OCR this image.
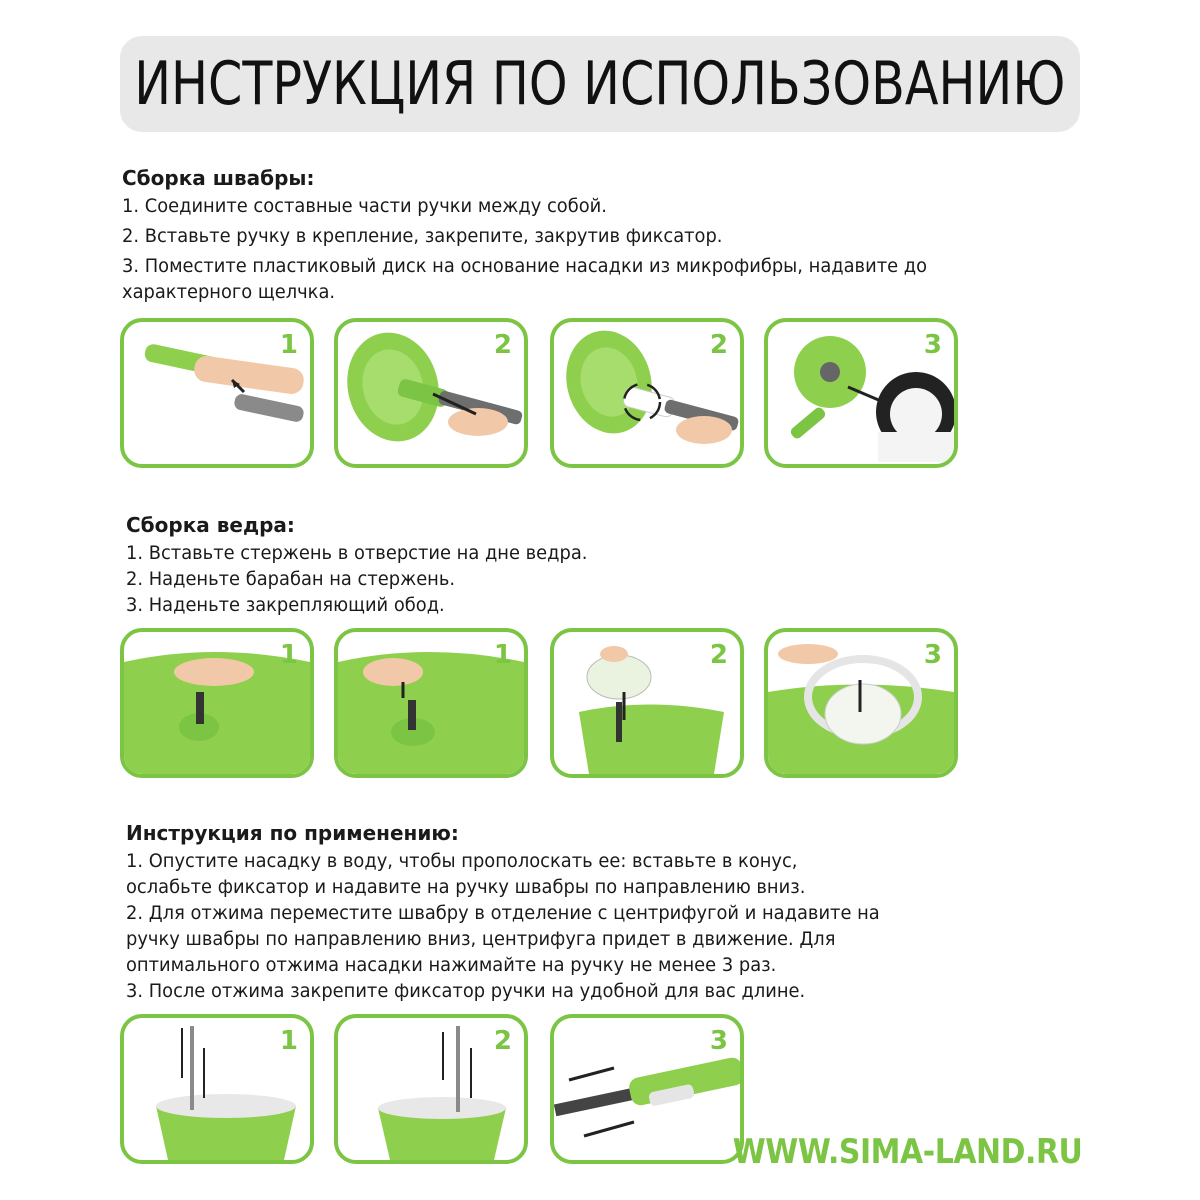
ИНСТРУКЦИЯ ПО ИСПОЛЬЗОВАНИЮ
Сборка швабры:

1. Соедините составные части ручки между собой.

2. Вставьте ручку в крепление, закрепите, закрутив фиксатор.

3. Поместите пластиковый диск на основание насадки из микрофибры, надавите до характерного щелчка.

1	2	2	3
Сборка ведра:

1. Вставьте стержень в отверстие на дне ведра.

2. Наденьте барабан на стержень.

3. Наденьте закрепляющий обод.

1	1	2	3
Инструкция по применению:

1. Опустите насадку в воду, чтобы прополоскать ее: вставьте в конус, ослабьте фиксатор и надавите на ручку швабры по направлению вниз.

2. Для отжима переместите швабру в отделение с центрифугой и надавите на ручку швабры по направлению вниз, центрифуга придет в движение. Для оптимального отжима насадки нажимайте на ручку не менее 3 раз.

3. После отжима закрепите фиксатор ручки на удобной для вас длине.

1	2	3
WWW.SIMA-LAND.RU
